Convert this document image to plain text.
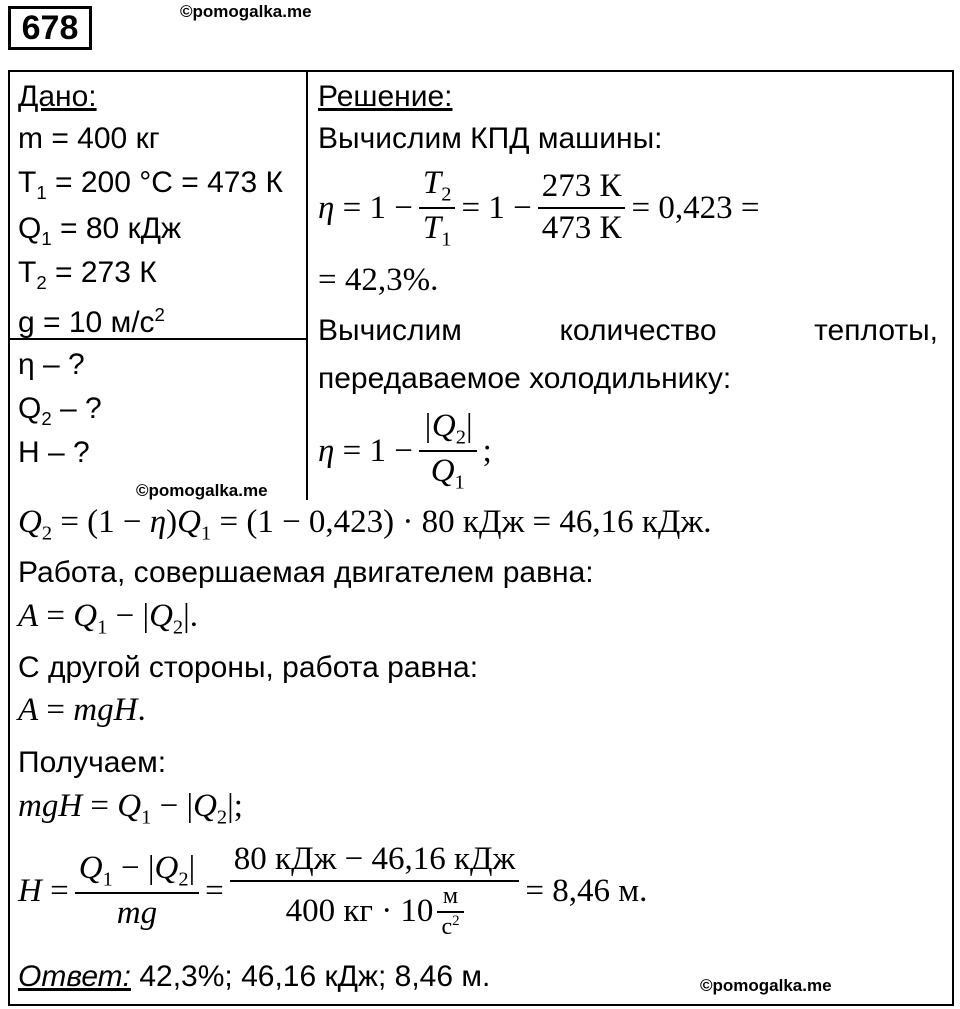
678	©pomogalka.me
Дано:
m = 400 кг
$T_1 = 200$ °C = 473 К
$Q_1 = 80$ кДж
$T_2 = 273$ К
g = 10 $м/с^2$
η – ?
$Q_2$ – ?
H – ?
©pomogalka.me
Решение:
Вычислим КПД машины:
η
=
$1 - \frac{T_2}{T_1}$ =
$1 - \frac{273 К}{473 К} = 0,423$ =
= 42,3%.
Вычислим	количество	теплоты,
передаваемое холодильнику:
η
= $1 - \frac{|Q_2|}{Q_1}$ ;
$Q_2 = (1 - \eta)Q_1 = (1 - 0,423) \cdot 80$ кДж = 46,16 кДж.
Работа, совершаемая двигателем равна:
$A = Q_1 - |Q_2|$.
С другой стороны, работа равна:
A = mgH.
Получаем:
mgH = $Q_1 - |Q_2|$;
H
= $\frac{Q_1 - |Q_2|}{mg} = \frac{\text{80 кДж − 46,16 кДж}}{400 кг \cdot 10 \frac{м}{с^2}} = 8,46$ м.
Ответ: 42,3%; 46,16 кДж; 8,46 м.	©pomogalka.me
